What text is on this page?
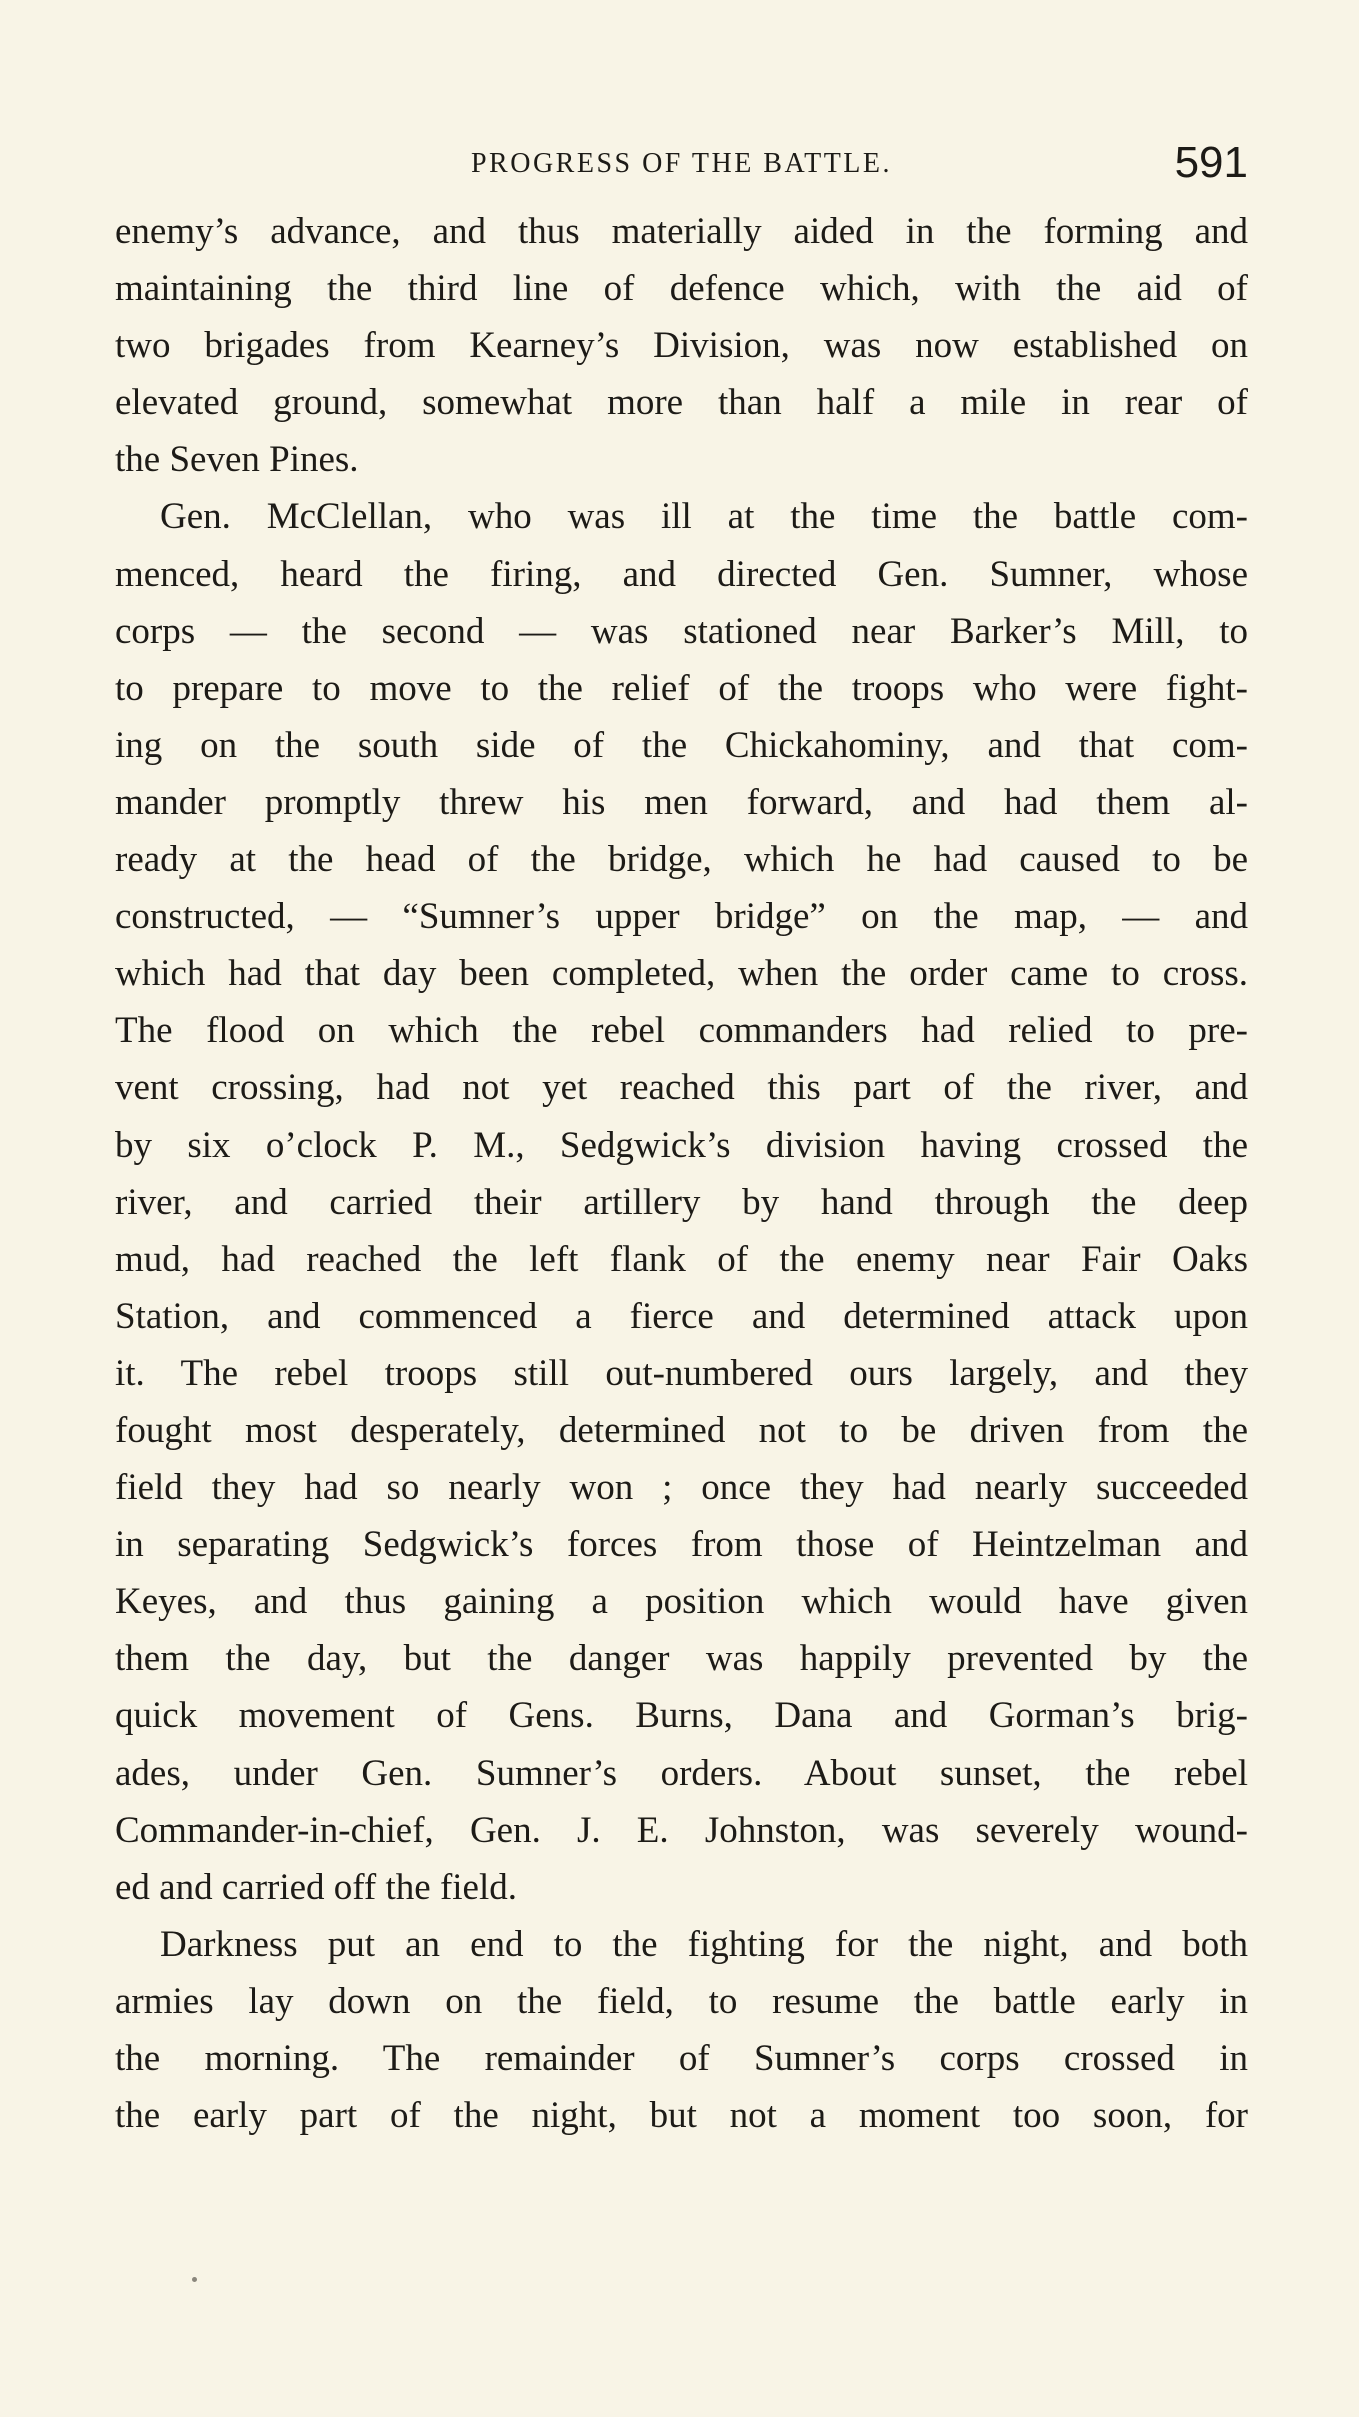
PROGRESS OF THE BATTLE.	591
enemy’s advance, and thus materially aided in the forming and
maintaining the third line of defence which, with the aid of
two brigades from Kearney’s Division, was now established on
elevated ground, somewhat more than half a mile in rear of
the Seven Pines.
Gen. McClellan, who was ill at the time the battle com-
menced, heard the firing, and directed Gen. Sumner, whose
corps — the second — was stationed near Barker’s Mill, to
to prepare to move to the relief of the troops who were fight-
ing on the south side of the Chickahominy, and that com-
mander promptly threw his men forward, and had them al-
ready at the head of the bridge, which he had caused to be
constructed, — “Sumner’s upper bridge” on the map, — and
which had that day been completed, when the order came to cross.
The flood on which the rebel commanders had relied to pre-
vent crossing, had not yet reached this part of the river, and
by six o’clock P. M., Sedgwick’s division having crossed the
river, and carried their artillery by hand through the deep
mud, had reached the left flank of the enemy near Fair Oaks
Station, and commenced a fierce and determined attack upon
it. The rebel troops still out-numbered ours largely, and they
fought most desperately, determined not to be driven from the
field they had so nearly won ; once they had nearly succeeded
in separating Sedgwick’s forces from those of Heintzelman and
Keyes, and thus gaining a position which would have given
them the day, but the danger was happily prevented by the
quick movement of Gens. Burns, Dana and Gorman’s brig-
ades, under Gen. Sumner’s orders. About sunset, the rebel
Commander-in-chief, Gen. J. E. Johnston, was severely wound-
ed and carried off the field.
Darkness put an end to the fighting for the night, and both
armies lay down on the field, to resume the battle early in
the morning. The remainder of Sumner’s corps crossed in
the early part of the night, but not a moment too soon, for
